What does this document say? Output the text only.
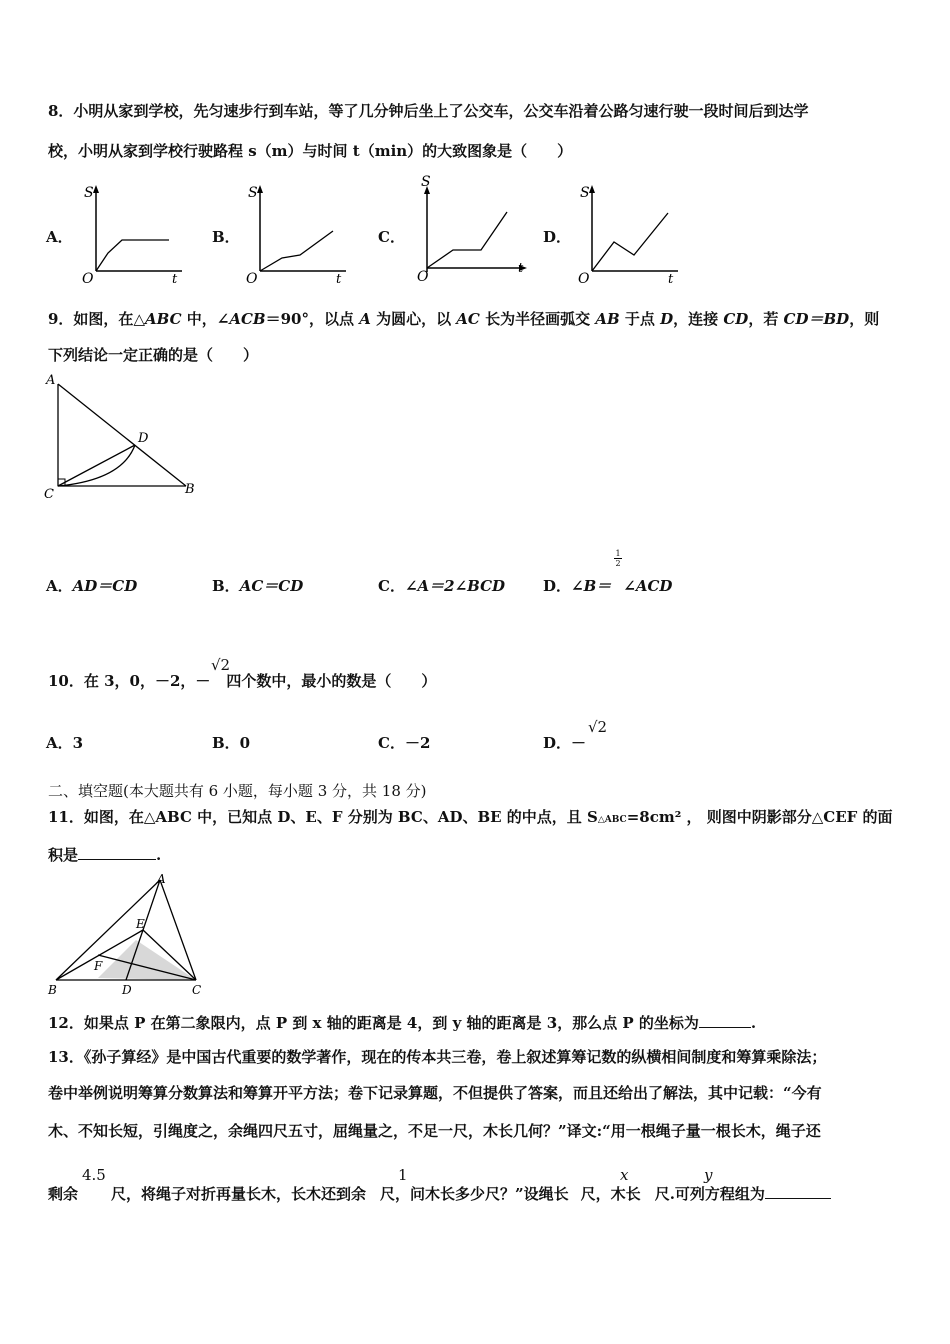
8．小明从家到学校，先匀速步行到车站，等了几分钟后坐上了公交车，公交车沿着公路匀速行驶一段时间后到达学
校，小明从家到学校行驶路程 s（m）与时间 t（min）的大致图象是（　　）
A．
S
O	t
B．
S
O	t
C．
S
O
t
D．
S
O	t
9．如图，在△ABC 中，∠ACB＝90°，以点 A 为圆心，以 AC 长为半径画弧交 AB 于点 D，连接 CD，若 CD＝BD，则
下列结论一定正确的是（　　）
A
D
C	B
A．AD＝CD	B．AC＝CD	C．∠A＝2∠BCD	D．∠B＝ ∠ACD
$\frac{1}{2}$
10．在 3，0，－2，－ 四个数中，最小的数是（　　）
√2
A．3	B．0	C．－2	D．－
√2
二、填空题(本大题共有 6 小题，每小题 3 分，共 18 分)
11．如图，在△ABC 中，已知点 D、E、F 分别为 BC、AD、BE 的中点，且 S△ABC=8cm² ， 则图中阴影部分△CEF 的面
积是	.
A
E
F
B	D	C
12．如果点 P 在第二象限内，点 P 到 x 轴的距离是 4，到 y 轴的距离是 3，那么点 P 的坐标为	.
13．《孙子算经》是中国古代重要的数学著作，现在的传本共三卷，卷上叙述算筹记数的纵横相间制度和筹算乘除法；
卷中举例说明筹算分数算法和筹算开平方法；卷下记录算题，不但提供了答案，而且还给出了解法，其中记载：“今有
木、不知长短，引绳度之，余绳四尺五寸，屈绳量之，不足一尺，木长几何？”译文:“用一根绳子量一根长木，绳子还
剩余 尺，将绳子对折再量长木，长木还到余 尺，问木长多少尺？”设绳长 尺，木长 尺.可列方程组为
4.5	1	x	y
